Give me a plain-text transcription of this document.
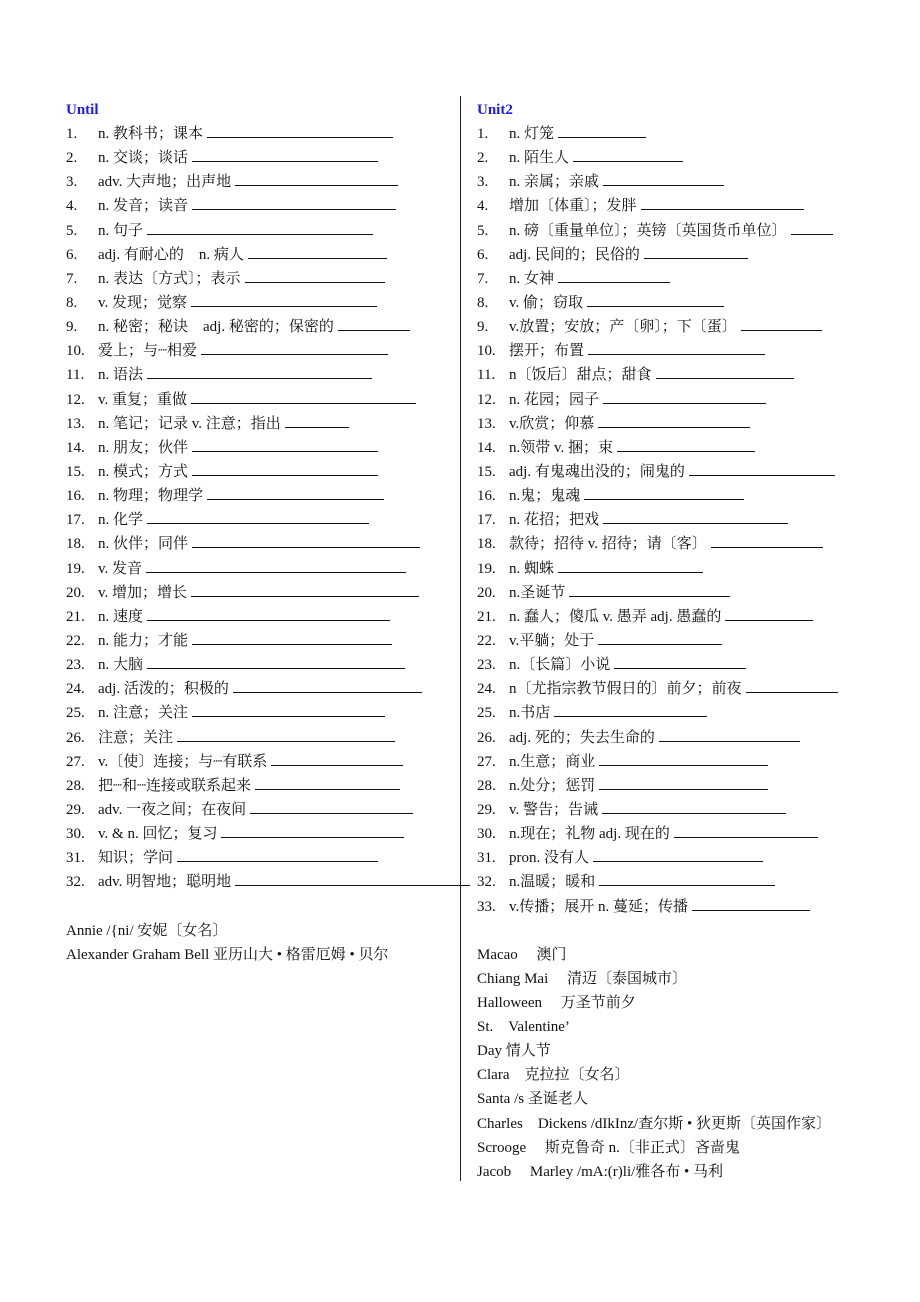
Until
1.	n. 教科书；课本
2.	n. 交谈；谈话
3.	adv. 大声地；出声地
4.	n. 发音；读音
5.	n. 句子
6.	adj. 有耐心的　n. 病人
7.	n. 表达〔方式〕；表示
8.	v. 发现；觉察
9.	n. 秘密；秘诀　adj. 秘密的；保密的
10. 爱上；与┈相爱
11. n. 语法
12. v. 重复；重做
13. n. 笔记；记录 v. 注意；指出
14. n. 朋友；伙伴
15. n. 模式；方式
16. n. 物理；物理学
17. n. 化学
18. n. 伙伴；同伴
19. v. 发音
20. v. 增加；增长
21. n. 速度
22. n. 能力；才能
23. n. 大脑
24. adj. 活泼的；积极的
25. n. 注意；关注
26. 注意；关注
27. v.〔使〕连接；与┈有联系
28. 把┈和┈连接或联系起来
29. adv. 一夜之间；在夜间
30. v. & n. 回忆；复习
31. 知识；学问
32. adv. 明智地；聪明地
Annie /{ni/ 安妮〔女名〕
Alexander Graham Bell 亚历山大 • 格雷厄姆 • 贝尔
Unit2
1.	n. 灯笼
2.	n. 陌生人
3.	n. 亲属；亲戚
4.	增加〔体重〕；发胖
5.	n. 磅〔重量单位〕；英镑〔英国货币单位〕
6.	adj. 民间的；民俗的
7.	n. 女神
8.	v. 偷；窃取
9.	v.放置；安放；产〔卵〕；下〔蛋〕
10. 摆开；布置
11. n〔饭后〕甜点；甜食
12. n. 花园；园子
13. v.欣赏；仰慕
14. n.领带 v. 捆；束
15. adj. 有鬼魂出没的；闹鬼的
16. n.鬼；鬼魂
17. n. 花招；把戏
18. 款待；招待 v. 招待；请〔客〕
19. n. 蜘蛛
20. n.圣诞节
21. n. 蠢人；傻瓜 v. 愚弄 adj. 愚蠢的
22. v.平躺；处于
23. n.〔长篇〕小说
24. n〔尤指宗教节假日的〕前夕；前夜
25. n.书店
26. adj. 死的；失去生命的
27. n.生意；商业
28. n.处分；惩罚
29. v. 警告；告诫
30. n.现在；礼物 adj. 现在的
31. pron. 没有人
32. n.温暖；暖和
33. v.传播；展开 n. 蔓延；传播
Macao　 澳门
Chiang Mai　 清迈〔泰国城市〕
Halloween　 万圣节前夕
St.　Valentine’
Day 情人节
Clara　克拉拉〔女名〕
Santa /s 圣诞老人
Charles　Dickens /dIkInz/查尔斯 • 狄更斯〔英国作家〕
Scrooge　 斯克鲁奇 n.〔非正式〕吝啬鬼
Jacob　 Marley /mA:(r)li/雅各布 • 马利
